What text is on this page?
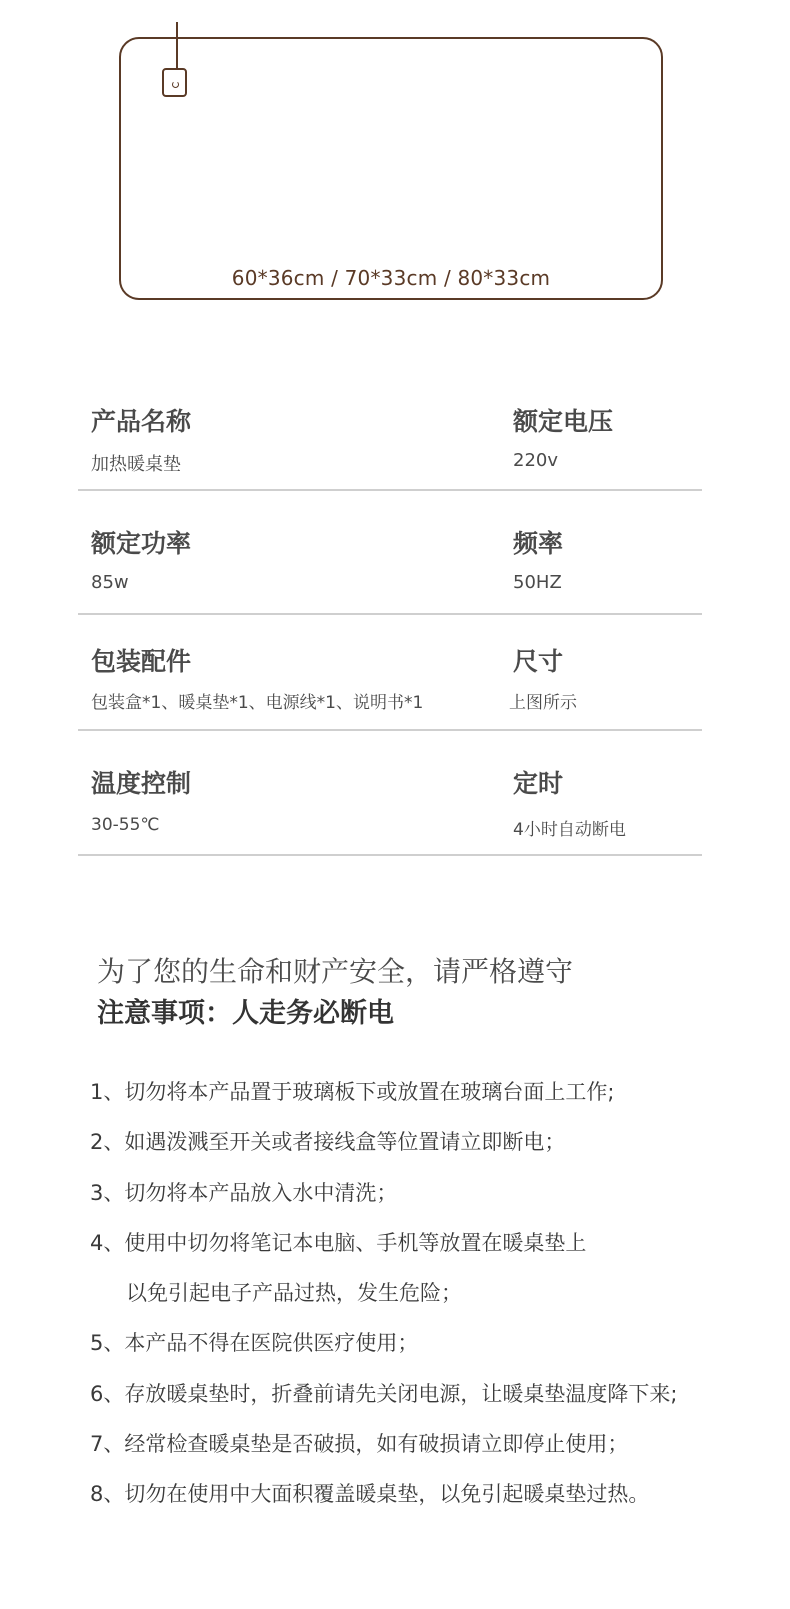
60*36cm / 70*33cm / 80*33cm
产品名称
加热暖桌垫
额定电压
220v
额定功率
85w
频率
50HZ
包装配件
包装盒*1、暖桌垫*1、电源线*1、说明书*1
尺寸
上图所示
温度控制
30-55℃
定时
4小时自动断电
为了您的生命和财产安全，请严格遵守
注意事项：人走务必断电
1、切勿将本产品置于玻璃板下或放置在玻璃台面上工作;
2、如遇泼溅至开关或者接线盒等位置请立即断电；
3、切勿将本产品放入水中清洗；
4、使用中切勿将笔记本电脑、手机等放置在暖桌垫上
以免引起电子产品过热，发生危险；
5、本产品不得在医院供医疗使用；
6、存放暖桌垫时，折叠前请先关闭电源，让暖桌垫温度降下来;
7、经常检查暖桌垫是否破损，如有破损请立即停止使用；
8、切勿在使用中大面积覆盖暖桌垫，以免引起暖桌垫过热。
